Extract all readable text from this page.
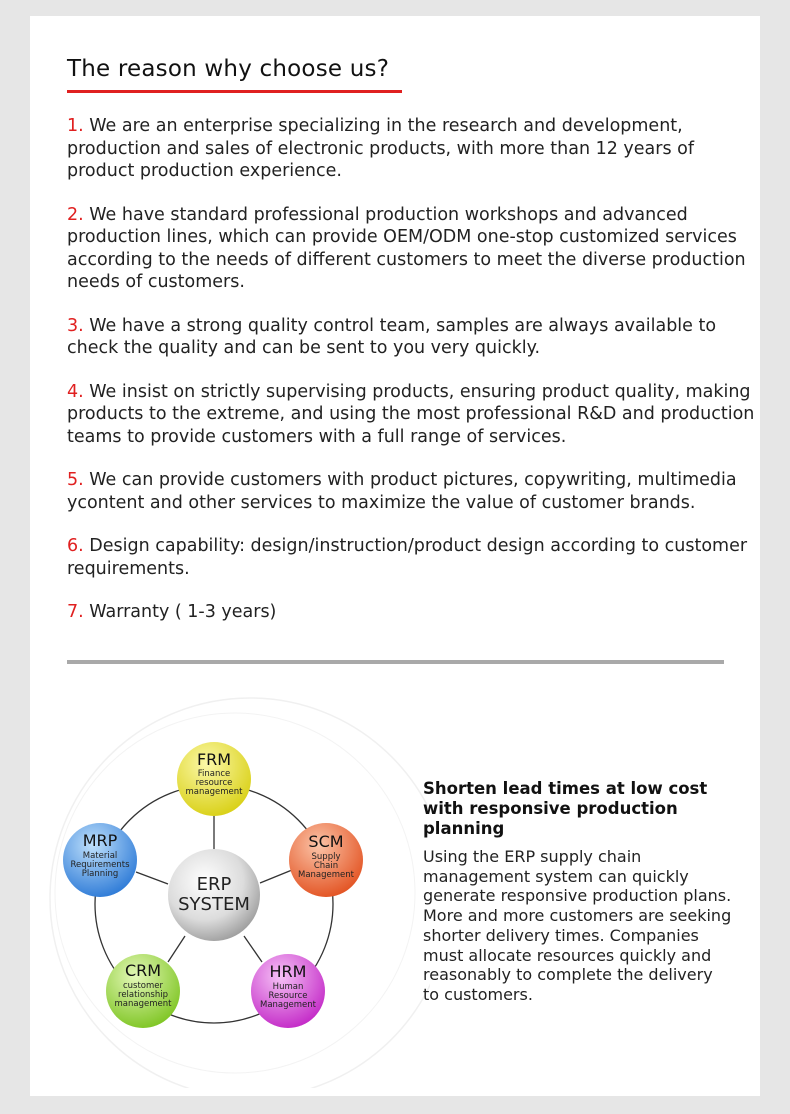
The reason why choose us?

1. We are an enterprise specializing in the research and development, production and sales of electronic products, with more than 12 years of product production experience.

2. We have standard professional production workshops and advanced production lines, which can provide OEM/ODM one-stop customized services according to the needs of different customers to meet the diverse production needs of customers.

3. We have a strong quality control team, samples are always available to check the quality and can be sent to you very quickly.

4. We insist on strictly supervising products, ensuring product quality, making products to the extreme, and using the most professional R&D and production teams to provide customers with a full range of services.

5. We can provide customers with product pictures, copywriting, multimedia ycontent and other services to maximize the value of customer brands.

6. Design capability: design/instruction/product design according to customer requirements.

7. Warranty ( 1-3 years)

ERP
SYSTEM
FRM
Finance
resource
management
SCM
Supply
Chain
Management
HRM
Human
Resource
Management
CRM
customer
relationship
management
MRP
Material
Requirements
Planning

Shorten lead times at low cost with responsive production planning

Using the ERP supply chain management system can quickly generate responsive production plans. More and more customers are seeking shorter delivery times. Companies must allocate resources quickly and reasonably to complete the delivery to customers.
